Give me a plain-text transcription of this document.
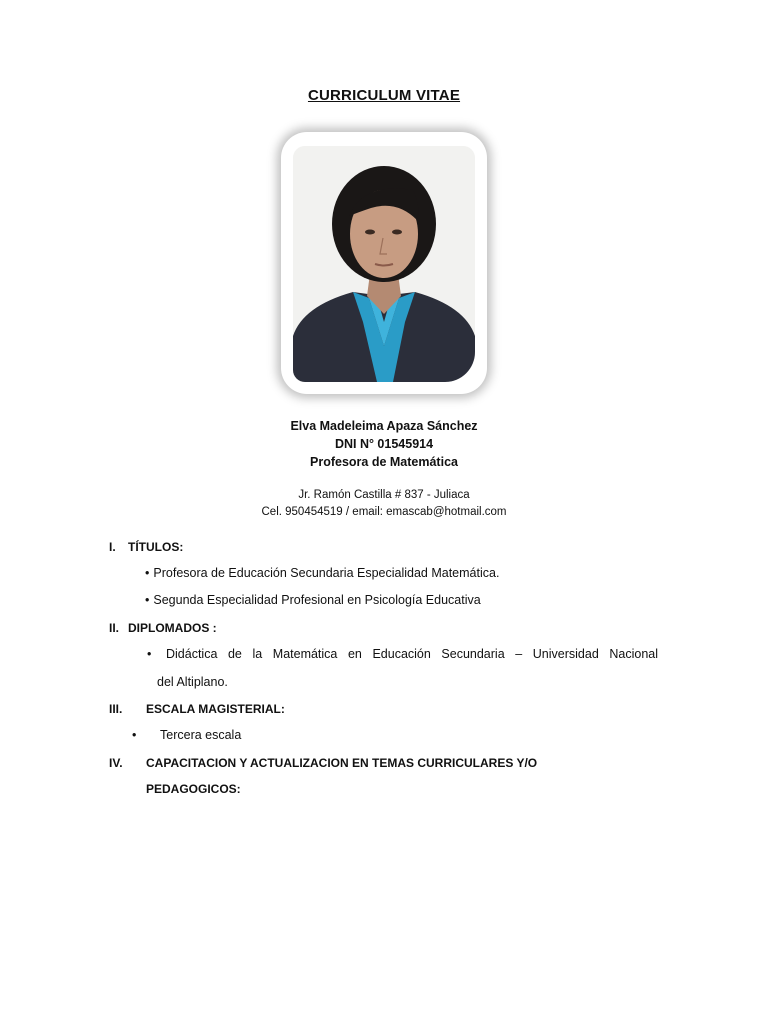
CURRICULUM VITAE
Elva Madeleima Apaza Sánchez
DNI N° 01545914
Profesora de Matemática
Jr. Ramón Castilla # 837 - Juliaca
Cel. 950454519 / email: emascab@hotmail.com
I. TÍTULOS:
• Profesora de Educación Secundaria Especialidad Matemática.
• Segunda Especialidad Profesional en Psicología Educativa
II. DIPLOMADOS :
• Didáctica de la Matemática en Educación Secundaria – Universidad Nacional
del Altiplano.
III. ESCALA MAGISTERIAL:
• Tercera escala
IV. CAPACITACION Y ACTUALIZACION EN TEMAS CURRICULARES Y/O
PEDAGOGICOS:
